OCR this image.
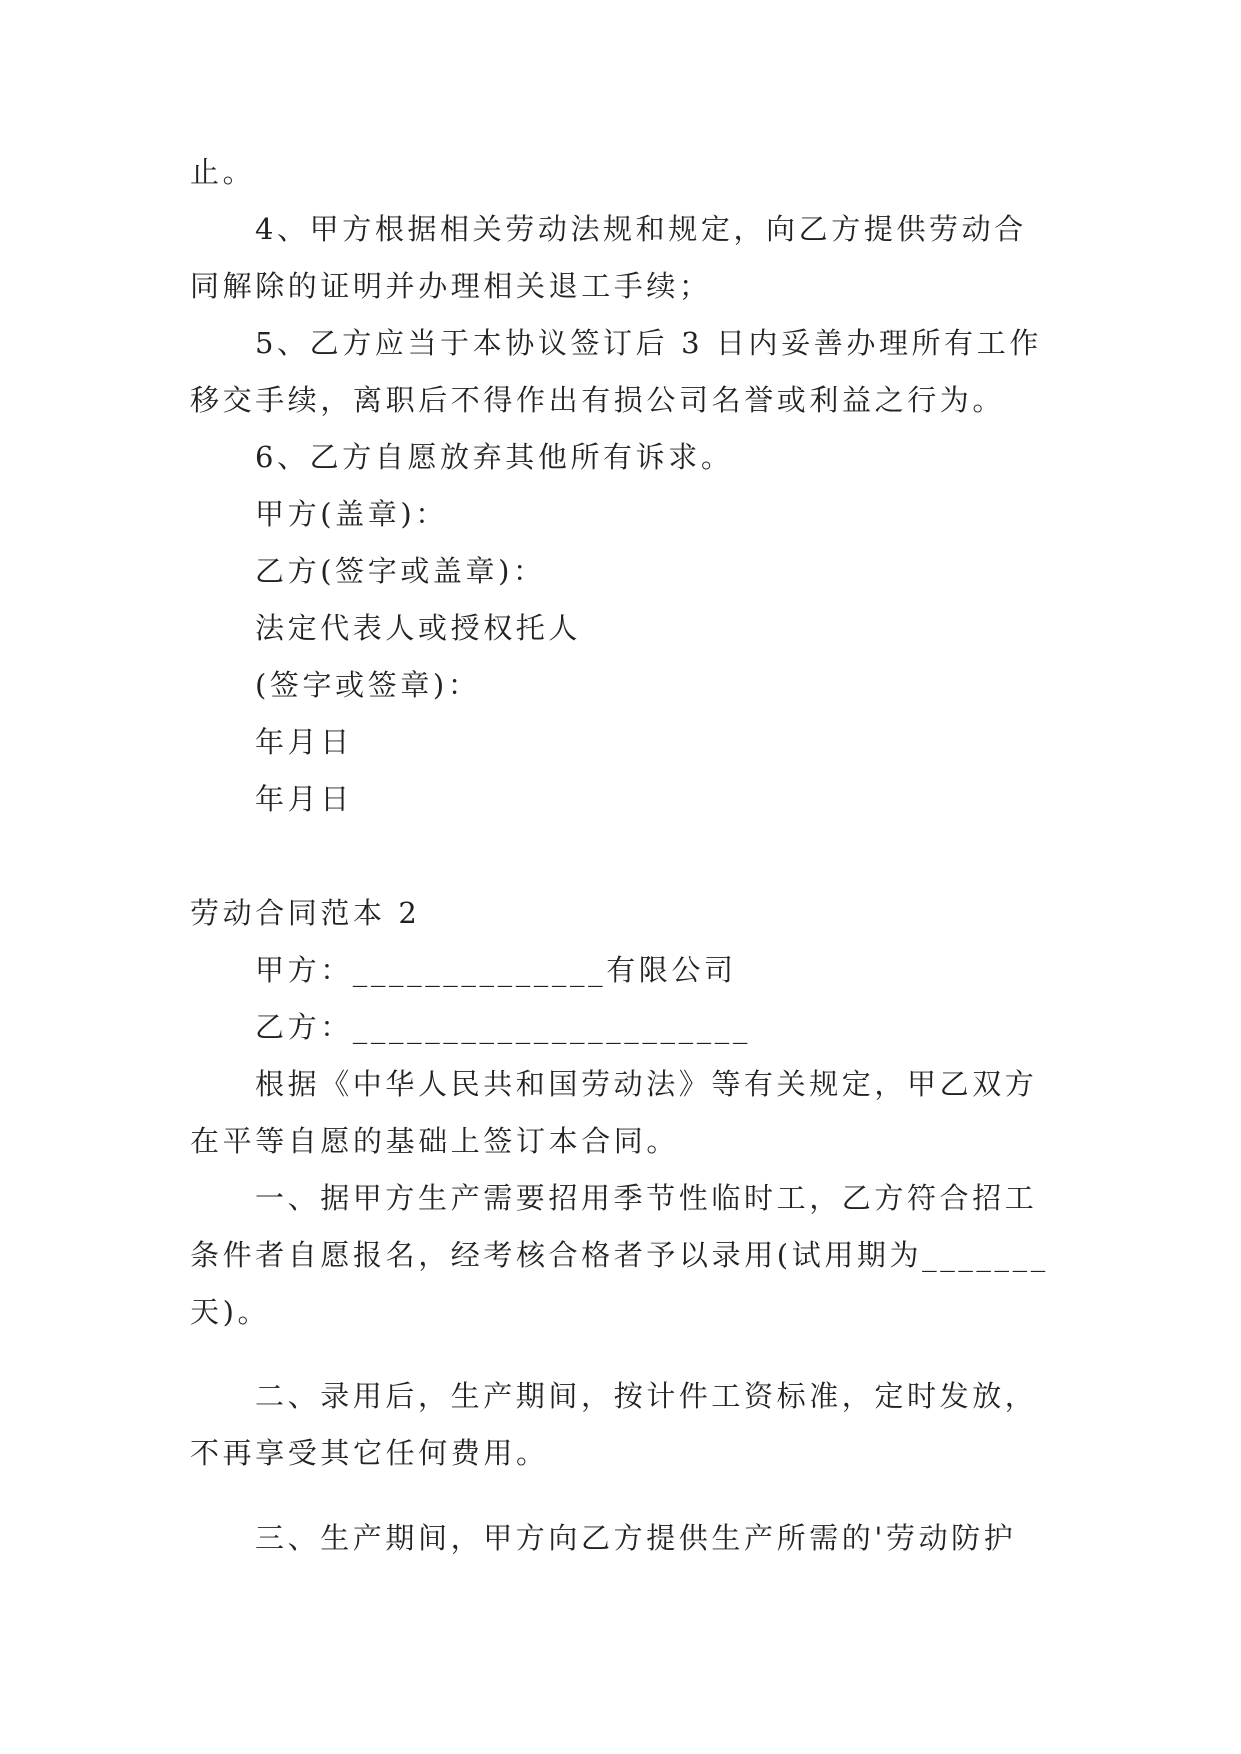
止。

4、甲方根据相关劳动法规和规定，向乙方提供劳动合

同解除的证明并办理相关退工手续；

5、乙方应当于本协议签订后 3 日内妥善办理所有工作

移交手续，离职后不得作出有损公司名誉或利益之行为。

6、乙方自愿放弃其他所有诉求。

甲方(盖章)：

乙方(签字或盖章)：

法定代表人或授权托人

(签字或签章)：

年月日

年月日

劳动合同范本 2

甲方：______________有限公司

乙方：______________________

根据《中华人民共和国劳动法》等有关规定，甲乙双方

在平等自愿的基础上签订本合同。

一、据甲方生产需要招用季节性临时工，乙方符合招工

条件者自愿报名，经考核合格者予以录用(试用期为_______

天)。

二、录用后，生产期间，按计件工资标准，定时发放，

不再享受其它任何费用。

三、生产期间，甲方向乙方提供生产所需的'劳动防护
